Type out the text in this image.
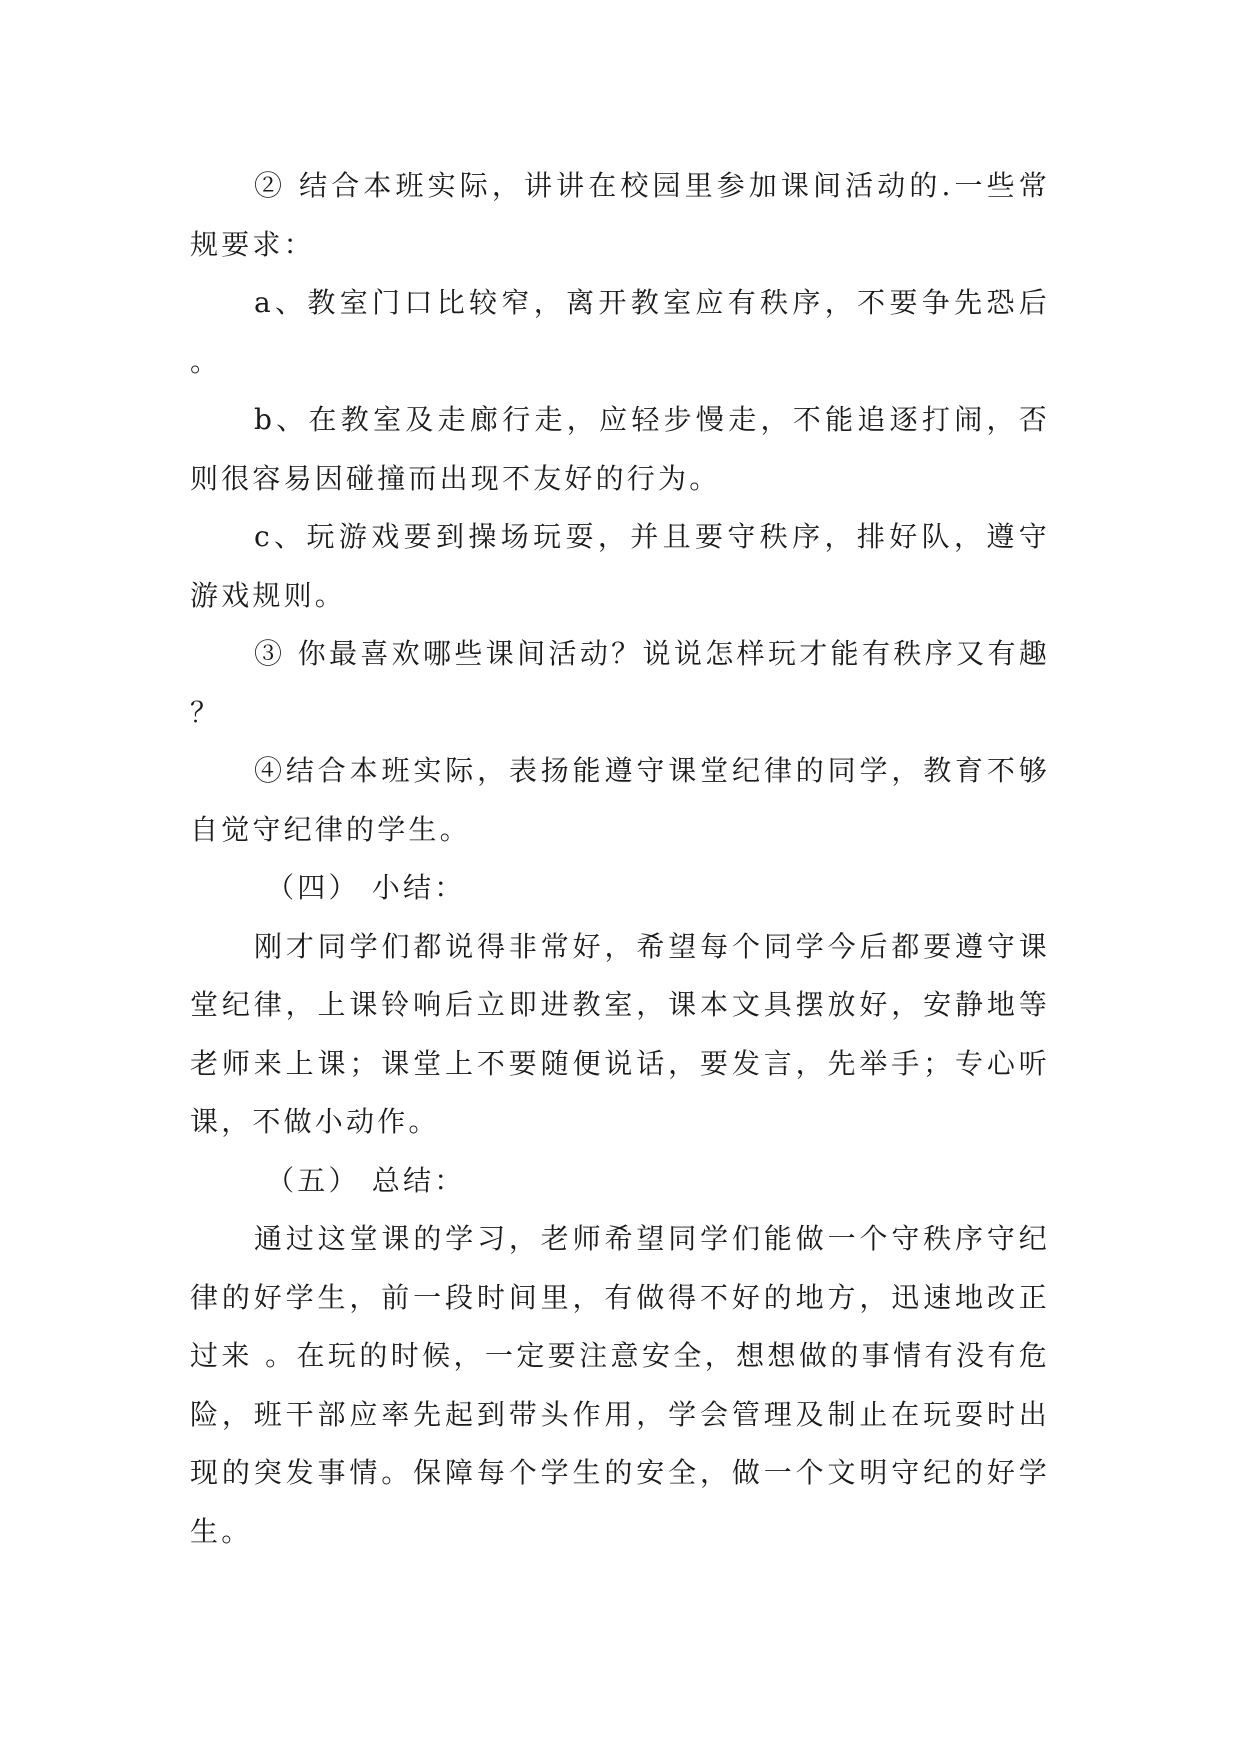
② 结合本班实际，讲讲在校园里参加课间活动的.一些常规要求：

a、教室门口比较窄，离开教室应有秩序，不要争先恐后。

b、在教室及走廊行走，应轻步慢走，不能追逐打闹，否则很容易因碰撞而出现不友好的行为。

c、玩游戏要到操场玩耍，并且要守秩序，排好队，遵守游戏规则。

③ 你最喜欢哪些课间活动？说说怎样玩才能有秩序又有趣？

④结合本班实际，表扬能遵守课堂纪律的同学，教育不够自觉守纪律的学生。

（四） 小结：

刚才同学们都说得非常好，希望每个同学今后都要遵守课堂纪律，上课铃响后立即进教室，课本文具摆放好，安静地等老师来上课；课堂上不要随便说话，要发言，先举手；专心听课，不做小动作。

（五） 总结：

通过这堂课的学习，老师希望同学们能做一个守秩序守纪律的好学生，前一段时间里，有做得不好的地方，迅速地改正过来 。在玩的时候，一定要注意安全，想想做的事情有没有危险，班干部应率先起到带头作用，学会管理及制止在玩耍时出现的突发事情。保障每个学生的安全，做一个文明守纪的好学生。
